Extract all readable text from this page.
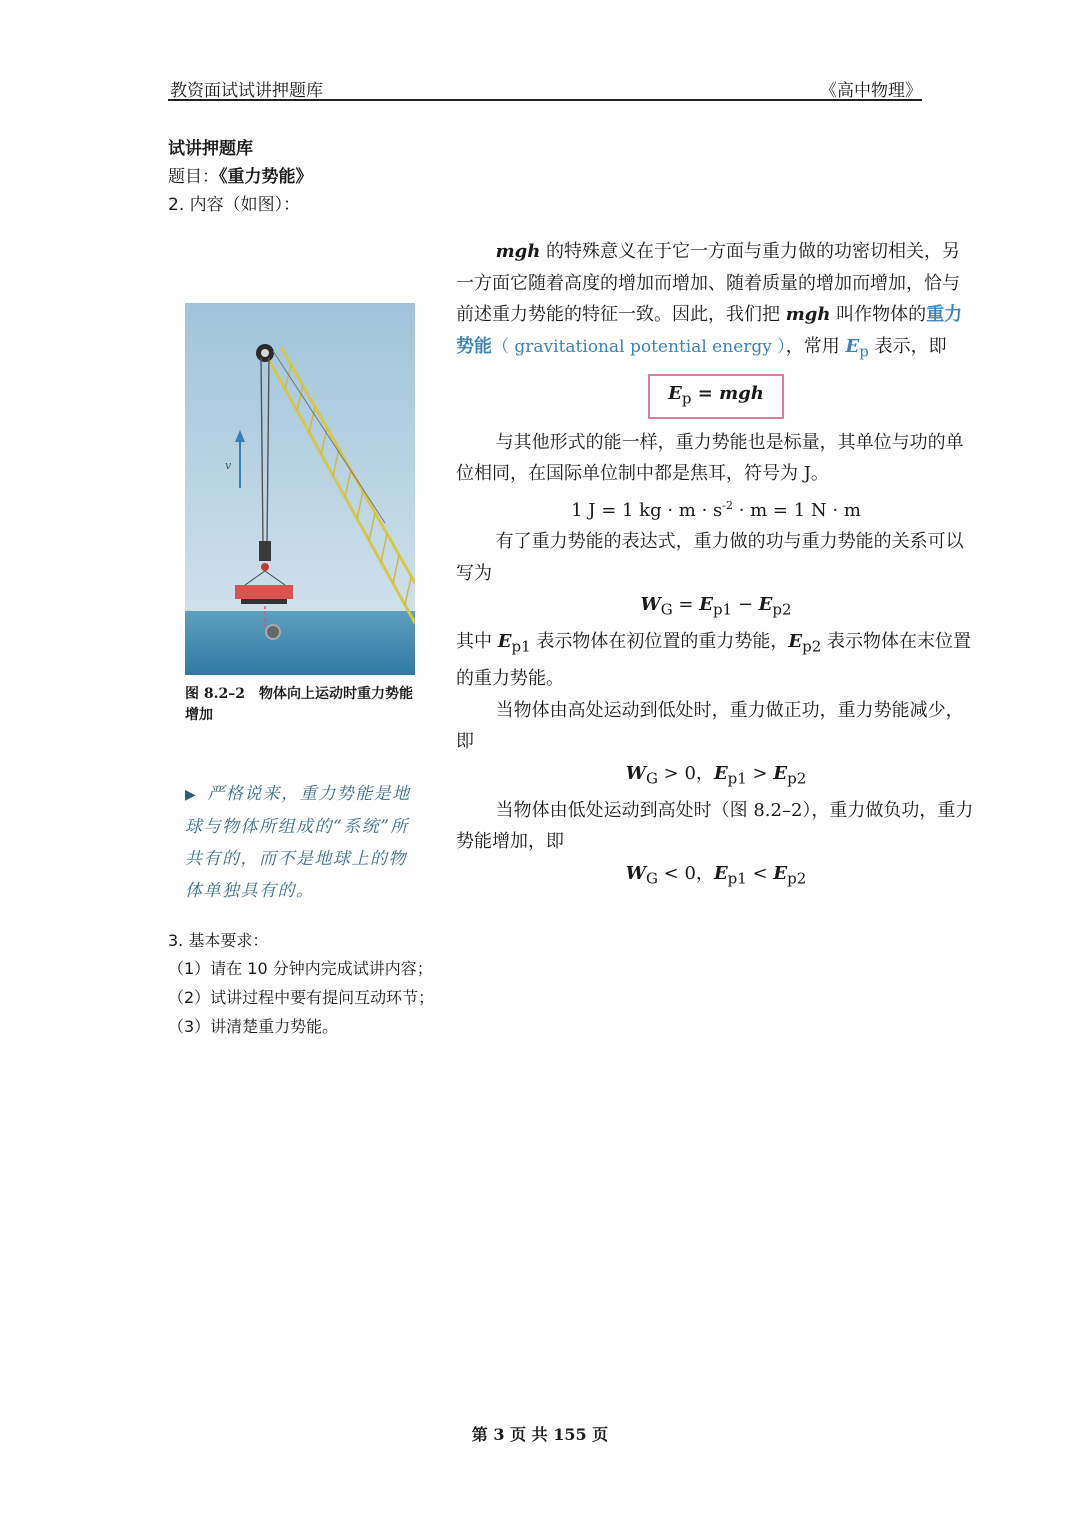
教资面试试讲押题库	《高中物理》
试讲押题库
题目：《重力势能》
2. 内容（如图）：
v
图 8.2–2　物体向上运动时重力势能增加
▶ 严格说来，重力势能是地球与物体所组成的“系统”所共有的，而不是地球上的物体单独具有的。

mgh 的特殊意义在于它一方面与重力做的功密切相关，另一方面它随着高度的增加而增加、随着质量的增加而增加，恰与前述重力势能的特征一致。因此，我们把 mgh 叫作物体的重力势能（ gravitational potential energy ），常用 $E_p$ 表示，即

$E_p$ = mgh

与其他形式的能一样，重力势能也是标量，其单位与功的单位相同，在国际单位制中都是焦耳，符号为 J。

1 J = 1 kg · $m \cdot s^{-2} \cdot m = 1$ N · m

有了重力势能的表达式，重力做的功与重力势能的关系可以写为

$W_G = E_{p1} - E_{p2}$

其中 $E_{p1}$ 表示物体在初位置的重力势能，$E_{p2}$ 表示物体在末位置的重力势能。

当物体由高处运动到低处时，重力做正功，重力势能减少，即

$W_G > 0$，$E_{p1} > E_{p2}$

当物体由低处运动到高处时（图 8.2–2），重力做负功，重力势能增加，即

$W_G < 0$，$E_{p1} < E_{p2}$

3. 基本要求：
（1）请在 10 分钟内完成试讲内容；
（2）试讲过程中要有提问互动环节；
（3）讲清楚重力势能。
第 3 页 共 155 页
